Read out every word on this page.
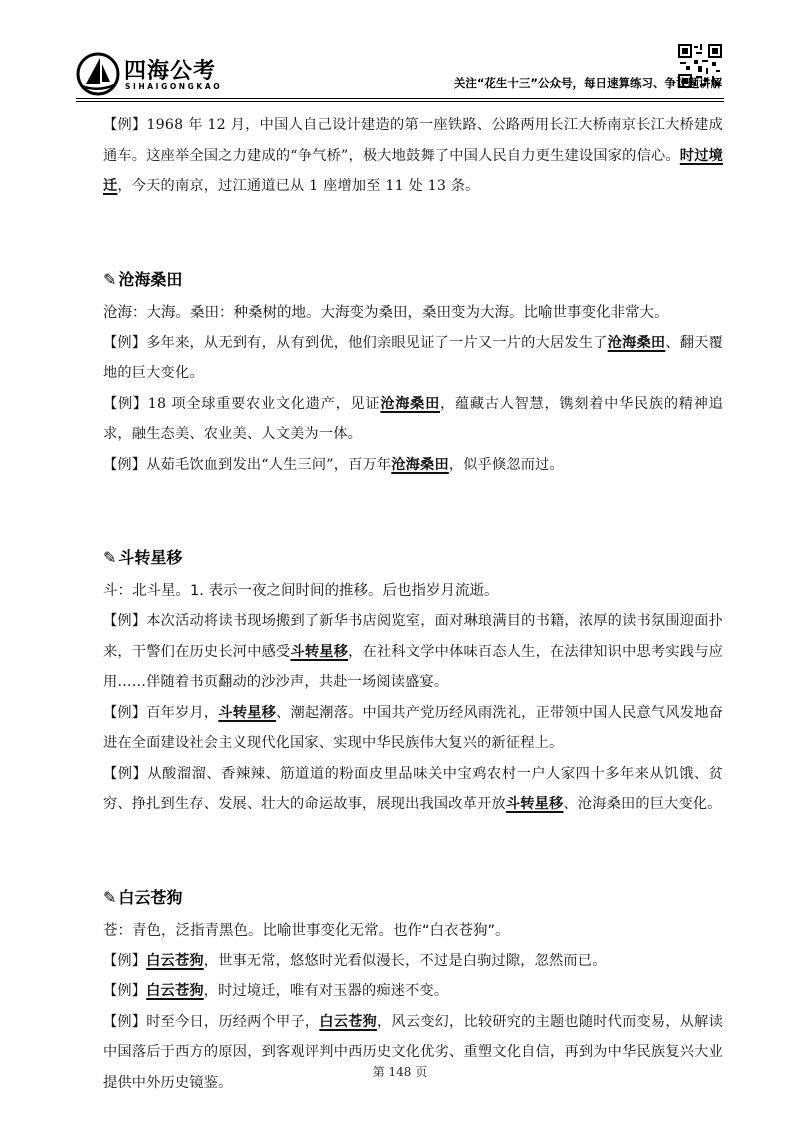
四海公考
SIHAIGONGKAO	关注“花生十三”公众号，每日速算练习、争议题讲解

【例】1968 年 12 月，中国人自己设计建造的第一座铁路、公路两用长江大桥南京长江大桥建成通车。这座举全国之力建成的“争气桥”，极大地鼓舞了中国人民自力更生建设国家的信心。时过境迁，今天的南京，过江通道已从 1 座增加至 11 处 13 条。

✎ 沧海桑田

沧海：大海。桑田：种桑树的地。大海变为桑田，桑田变为大海。比喻世事变化非常大。

【例】多年来，从无到有，从有到优，他们亲眼见证了一片又一片的大居发生了沧海桑田、翻天覆地的巨大变化。

【例】18 项全球重要农业文化遗产，见证沧海桑田，蕴藏古人智慧，镌刻着中华民族的精神追求，融生态美、农业美、人文美为一体。

【例】从茹毛饮血到发出“人生三问”，百万年沧海桑田，似乎倏忽而过。

✎ 斗转星移

斗：北斗星。1. 表示一夜之间时间的推移。后也指岁月流逝。

【例】本次活动将读书现场搬到了新华书店阅览室，面对琳琅满目的书籍，浓厚的读书氛围迎面扑来，干警们在历史长河中感受斗转星移，在社科文学中体味百态人生，在法律知识中思考实践与应用……伴随着书页翻动的沙沙声，共赴一场阅读盛宴。

【例】百年岁月，斗转星移、潮起潮落。中国共产党历经风雨洗礼，正带领中国人民意气风发地奋进在全面建设社会主义现代化国家、实现中华民族伟大复兴的新征程上。

【例】从酸溜溜、香辣辣、筋道道的粉面皮里品味关中宝鸡农村一户人家四十多年来从饥饿、贫穷、挣扎到生存、发展、壮大的命运故事，展现出我国改革开放斗转星移、沧海桑田的巨大变化。

✎ 白云苍狗

苍：青色，泛指青黑色。比喻世事变化无常。也作“白衣苍狗”。

【例】白云苍狗，世事无常，悠悠时光看似漫长，不过是白驹过隙，忽然而已。

【例】白云苍狗，时过境迁，唯有对玉器的痴迷不变。

【例】时至今日，历经两个甲子，白云苍狗，风云变幻，比较研究的主题也随时代而变易，从解读中国落后于西方的原因，到客观评判中西历史文化优劣、重塑文化自信，再到为中华民族复兴大业提供中外历史镜鉴。

第 148 页
